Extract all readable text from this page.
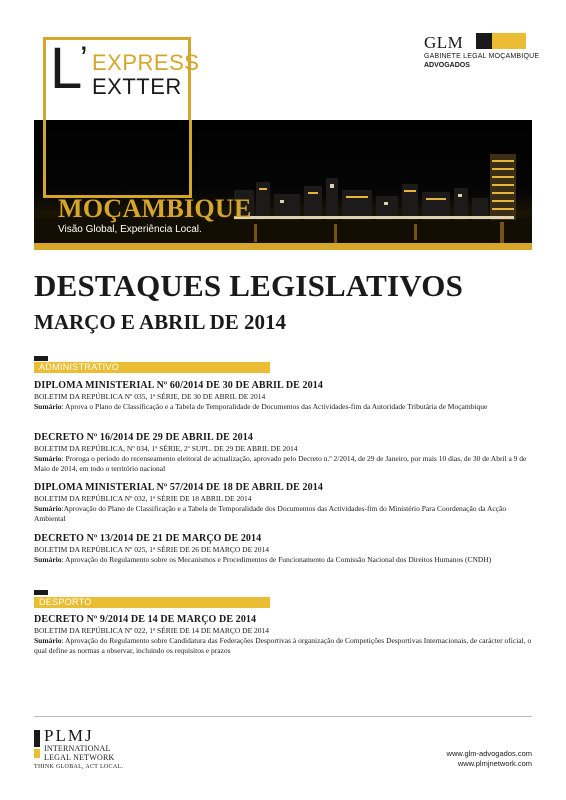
L
’ EXPRESS
EXTTER
GLM
GABINETE LEGAL MOÇAMBIQUE
ADVOGADOS
MOÇAMBIQUE
Visão Global, Experiência Local.
DESTAQUES LEGISLATIVOS
MARÇO E ABRIL DE 2014
ADMINISTRATIVO
DIPLOMA MINISTERIAL Nº 60/2014 DE 30 DE ABRIL DE 2014
BOLETIM DA REPÚBLICA Nº 035, 1ª SÉRIE, DE 30 DE ABRIL DE 2014
Sumário: Aprova o Plano de Classificação e a Tabela de Temporalidade de Documentos das Actividades-fim da Autoridade Tributária de Moçambique
DECRETO Nº 16/2014 DE 29 DE ABRIL DE 2014
BOLETIM DA REPÚBLICA, Nº 034, 1ª SÉRIE, 2º SUPL. DE 29 DE ABRIL DE 2014
Sumário: Proroga o período do recenseamento eleitoral de actualização, aprovado pelo Decreto n.º 2/2014, de 29 de Janeiro, por mais 10 dias, de 30 de Abril a 9 de Maio de 2014, em todo o território nacional
DIPLOMA MINISTERIAL Nº 57/2014 DE 18 DE ABRIL DE 2014
BOLETIM DA REPÚBLICA Nº 032, 1ª SÉRIE DE 18 ABRIL DE 2014
Sumário:Aprovação do Plano de Classificação e a Tabela de Temporalidade dos Documentos das Actividades-fim do Ministério Para Coordenação da Acção Ambiental
DECRETO Nº 13/2014 DE 21 DE MARÇO DE 2014
BOLETIM DA REPÚBLICA Nº 025, 1ª SÉRIE DE 26 DE MARÇO DE 2014
Sumário: Aprovação do Regulamento sobre os Mecanismos e Procedimentos de Funcionamento da Comissão Nacional dos Direitos Humanos (CNDH)
DESPORTO
DECRETO Nº 9/2014 DE 14 DE MARÇO DE 2014
BOLETIM DA REPÚBLICA Nº 022, 1ª SÉRIE DE 14 DE MARÇO DE 2014
Sumário: Aprovação do Regulamento sobre Candidatura das Federações Desportivas à organização de Competições Desportivas Internacionais, de carácter oficial, o qual define as normas a observar, incluindo os requisitos e prazos
PLMJ
INTERNATIONAL
LEGAL NETWORK
THINK GLOBAL, ACT LOCAL.
www.glm-advogados.com
www.plmjnetwork.com
